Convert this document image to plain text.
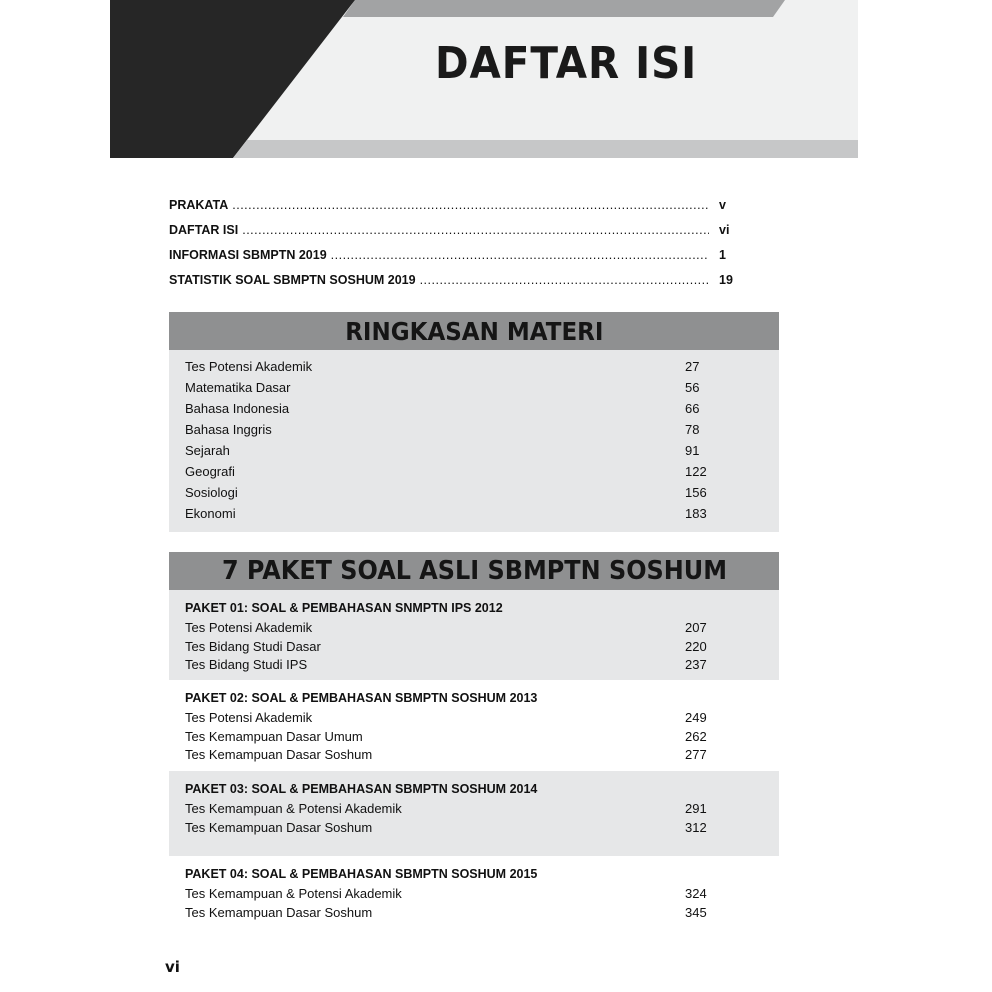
DAFTAR ISI
PRAKATA .....	v
DAFTAR ISI .....	vi
INFORMASI SBMPTN 2019 .....	1
STATISTIK SOAL SBMPTN SOSHUM 2019 .....	19
RINGKASAN MATERI
Tes Potensi Akademik	27
Matematika Dasar	56
Bahasa Indonesia	66
Bahasa Inggris	78
Sejarah	91
Geografi	122
Sosiologi	156
Ekonomi	183
7 PAKET SOAL ASLI SBMPTN SOSHUM
PAKET 01: SOAL & PEMBAHASAN SNMPTN IPS 2012
Tes Potensi Akademik	207
Tes Bidang Studi Dasar	220
Tes Bidang Studi IPS	237
PAKET 02: SOAL & PEMBAHASAN SBMPTN SOSHUM 2013
Tes Potensi Akademik	249
Tes Kemampuan Dasar Umum	262
Tes Kemampuan Dasar Soshum	277
PAKET 03: SOAL & PEMBAHASAN SBMPTN SOSHUM 2014
Tes Kemampuan & Potensi Akademik	291
Tes Kemampuan Dasar Soshum	312
PAKET 04: SOAL & PEMBAHASAN SBMPTN SOSHUM 2015
Tes Kemampuan & Potensi Akademik	324
Tes Kemampuan Dasar Soshum	345
vi
